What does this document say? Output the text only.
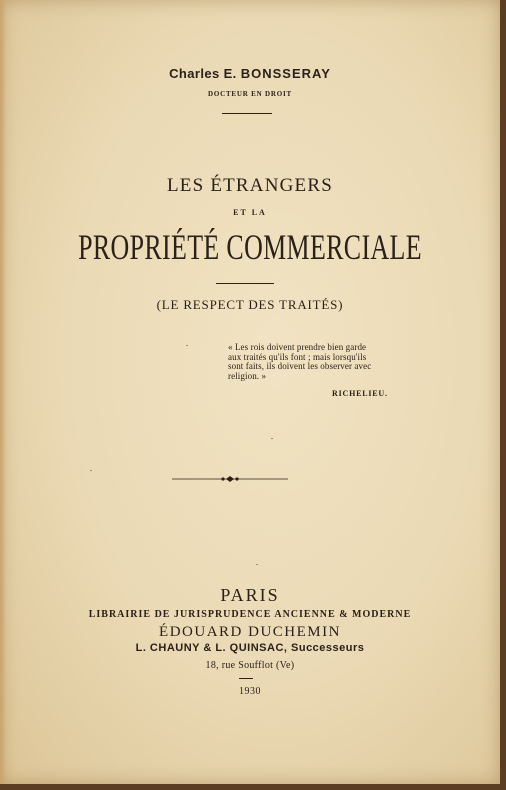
Charles E. BONSSERAY
DOCTEUR EN DROIT
LES ÉTRANGERS
ET LA
PROPRIÉTÉ COMMERCIALE
(LE RESPECT DES TRAITÉS)
« Les rois doivent prendre bien garde
aux traités qu'ils font ; mais lorsqu'ils
sont faits, ils doivent les observer avec
religion. »
RICHELIEU.
PARIS
LIBRAIRIE DE JURISPRUDENCE ANCIENNE & MODERNE
ÉDOUARD DUCHEMIN
L. CHAUNY & L. QUINSAC, Successeurs
18, rue Soufflot (Ve)
1930
